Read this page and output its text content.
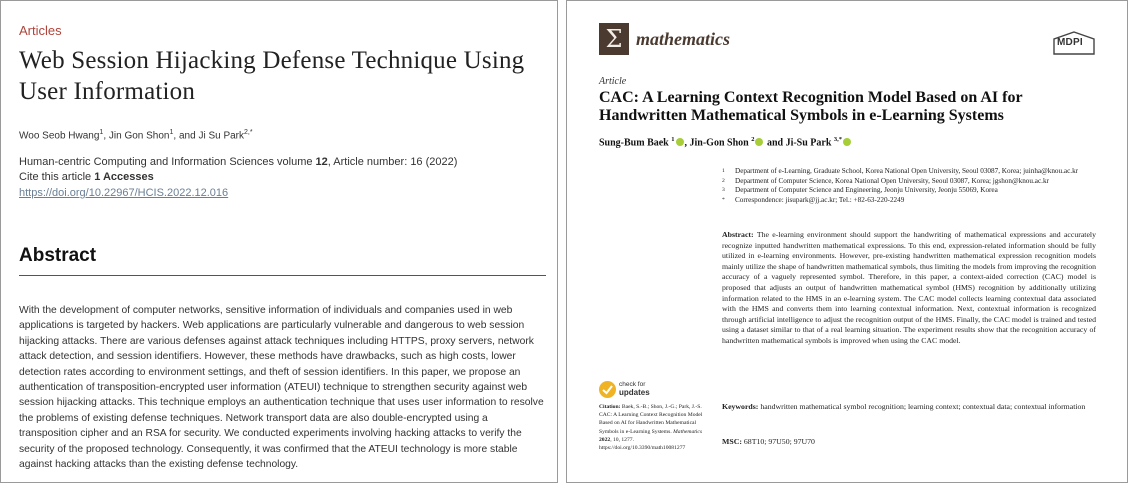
Articles
Web Session Hijacking Defense Technique Using User Information
Woo Seob Hwang$^1$, Jin Gon Shon$^1$, and Ji Su Park$^{2,*}$
Human-centric Computing and Information Sciences volume 12, Article number: 16 (2022)
Cite this article 1 Accesses
https://doi.org/10.22967/HCIS.2022.12.016
Abstract
With the development of computer networks, sensitive information of individuals and companies used in web applications is targeted by hackers. Web applications are particularly vulnerable and dangerous to web session hijacking attacks. There are various defenses against attack techniques including HTTPS, proxy servers, network attack detection, and session identifiers. However, these methods have drawbacks, such as high costs, lower detection rates according to environment settings, and theft of session identifiers. In this paper, we propose an authentication of transposition-encrypted user information (ATEUI) technique to strengthen security against web session hijacking attacks. This technique employs an authentication technique that uses user information to resolve the problems of existing defense techniques. Network transport data are also double-encrypted using a transposition cipher and an RSA for security. We conducted experiments involving hacking attacks to verify the security of the proposed technology. Consequently, it was confirmed that the ATEUI technology is more stable against hacking attacks than the existing defense technology.
Σ mathematics	MDPI
Article
CAC: A Learning Context Recognition Model Based on AI for Handwritten Mathematical Symbols in e-Learning Systems
Sung-Bum Baek $^1$ , Jin-Gon Shon $^2$ and Ji-Su Park $^{3,*}$
1	Department of e-Learning, Graduate School, Korea National Open University, Seoul 03087, Korea; juinha@knou.ac.kr
2	Department of Computer Science, Korea National Open University, Seoul 03087, Korea; jgshon@knou.ac.kr
3	Department of Computer Science and Engineering, Jeonju University, Jeonju 55069, Korea
*	Correspondence: jisupark@jj.ac.kr; Tel.: +82-63-220-2249
Abstract: The e-learning environment should support the handwriting of mathematical expressions and accurately recognize inputted handwritten mathematical expressions. To this end, expression-related information should be fully utilized in e-learning environments. However, pre-existing handwritten mathematical expression recognition models mainly utilize the shape of handwritten mathematical symbols, thus limiting the models from improving the recognition accuracy of a vaguely represented symbol. Therefore, in this paper, a context-aided correction (CAC) model is proposed that adjusts an output of handwritten mathematical symbol (HMS) recognition by additionally utilizing information related to the HMS in an e-learning system. The CAC model collects learning contextual data associated with the HMS and converts them into learning contextual information. Next, contextual information is recognized through artificial intelligence to adjust the recognition output of the HMS. Finally, the CAC model is trained and tested using a dataset similar to that of a real learning situation. The experiment results show that the recognition accuracy of handwritten mathematical symbols is improved when using the CAC model.
Keywords: handwritten mathematical symbol recognition; learning context; contextual data; contextual information
MSC: 68T10; 97U50; 97U70
check for
updates
Citation: Baek, S.-B.; Shon, J.-G.; Park, J.-S. CAC: A Learning Context Recognition Model Based on AI for Handwritten Mathematical Symbols in e-Learning Systems. Mathematics 2022, 10, 1277. https://doi.org/10.3390/math10081277
